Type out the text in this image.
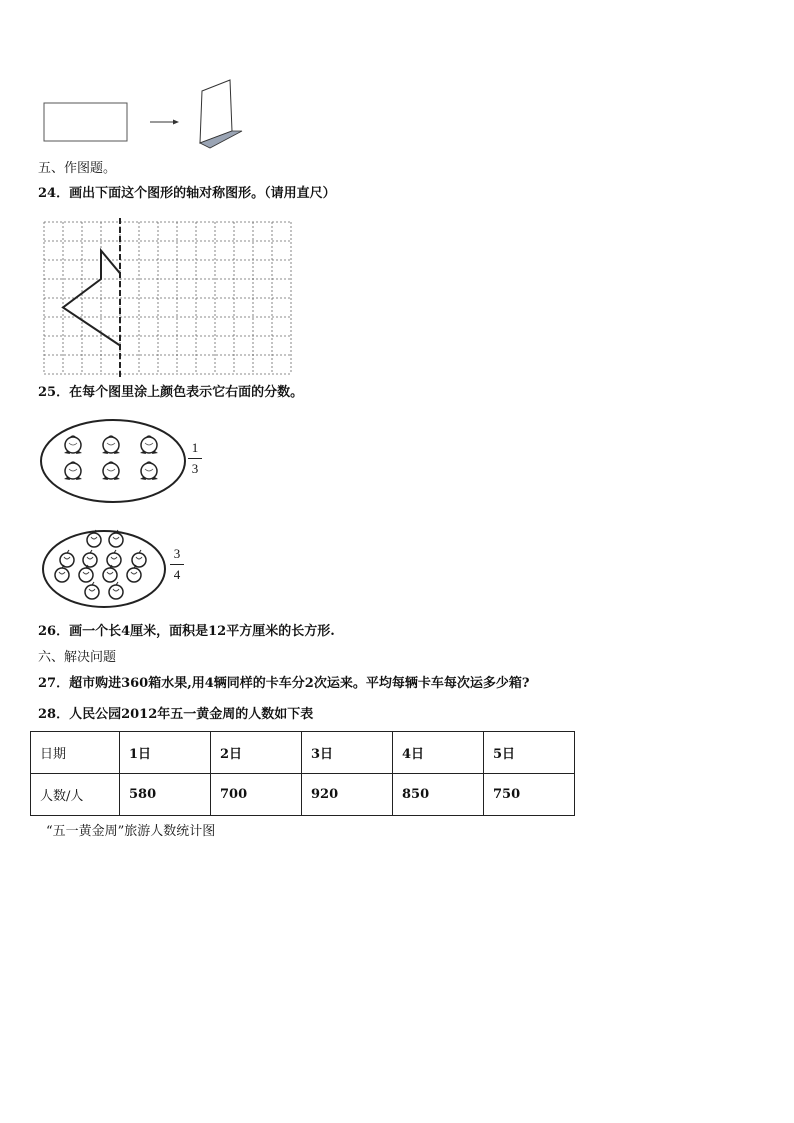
五、作图题。
24．画出下面这个图形的轴对称图形。（请用直尺）
25．在每个图里涂上颜色表示它右面的分数。
1
3
3
4
26．画一个长4厘米，面积是12平方厘米的长方形.
六、解决问题
27．超市购进360箱水果,用4辆同样的卡车分2次运来。平均每辆卡车每次运多少箱?
28．人民公园2012年五一黄金周的人数如下表
日期	1日	2日	3日	4日	5日
人数/人	580	700	920	850	750
“五一黄金周”旅游人数统计图
